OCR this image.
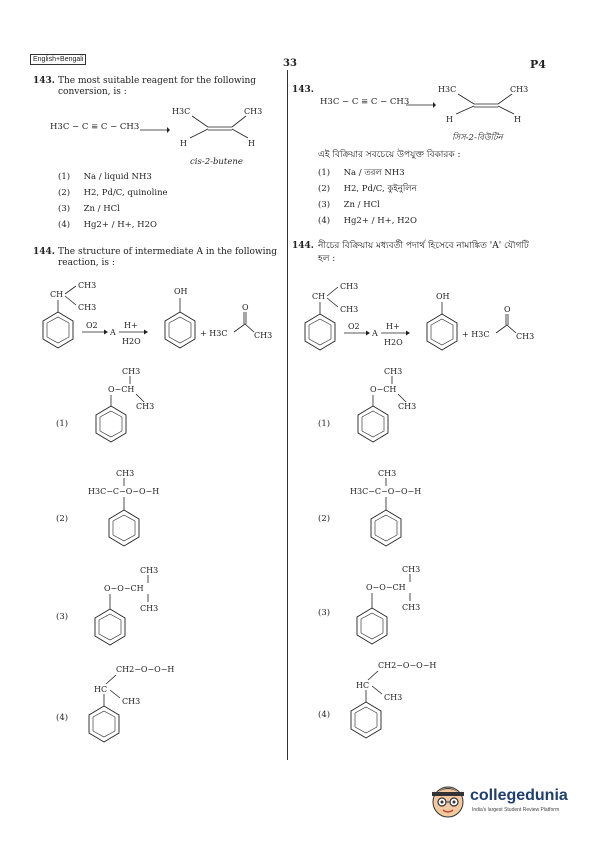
English+Bengali	33	P4
143. The most suitable reagent for the following
conversion, is :
H3C − C ≡ C − CH3 →
H3C	CH3
H	H
cis-2-butene
(1) Na / liquid NH3
(2) H2, Pd/C, quinoline
(3) Zn / HCl
(4) Hg2+ / H+, H2O
144. The structure of intermediate A in the following
reaction, is :
CH
CH3
CH3
O2
A
H+
H2O
OH
+ H3C
O
CH3
(1)
CH3
O−CH
CH3
(2)
CH3
H3C−C−O−O−H
(3)
CH3
O−O−CH
CH3
(4)
CH2−O−O−H
HC
CH3
143.
H3C − C ≡ C − CH3
H3C	CH3
H	H
সিস-2-বিউটিন
এই বিক্রিয়ার সবচেয়ে উপযুক্ত বিকারক :
(1) Na / তরল NH3
(2) H2, Pd/C, কুইনুলিন
(3) Zn / HCl
(4) Hg2+ / H+, H2O
144. নীচের বিক্রিয়ায় মধ্যবর্তী পদার্থ হিসেবে নামাঙ্কিত 'A' যৌগটি
হল :
CH
CH3
CH3
O2
A
H+
H2O
OH
+ H3C
O
CH3
(1)
CH3
O−CH
CH3
(2)
CH3
H3C−C−O−O−H
(3)
CH3
O−O−CH
CH3
(4)
CH2−O−O−H
HC
CH3
collegedunia
India's largest Student Review Platform
